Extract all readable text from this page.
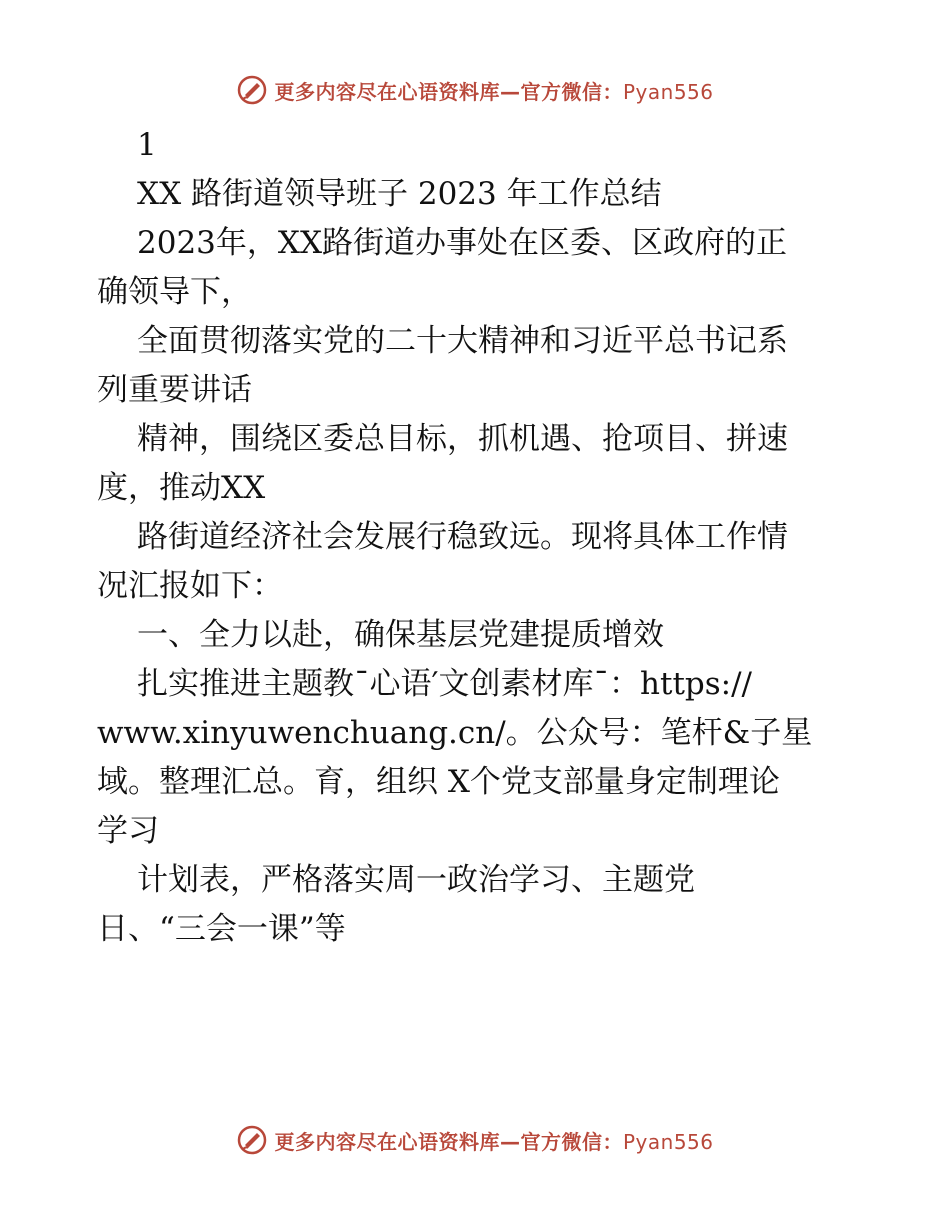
更多内容尽在心语资料库—官方微信：Pyan556
1
XX 路街道领导班子 2023 年工作总结
2023年，XX路街道办事处在区委、区政府的正
确领导下，
全面贯彻落实党的二十大精神和习近平总书记系
列重要讲话
精神，围绕区委总目标，抓机遇、抢项目、拼速
度，推动XX
路街道经济社会发展行稳致远。现将具体工作情
况汇报如下：
一、全力以赴，确保基层党建提质增效
扎实推进主题教¯心语′文创素材库¯：https://
www.xinyuwenchuang.cn/。公众号：笔杆&子星
域。整理汇总。育，组织 X个党支部量身定制理论
学习
计划表，严格落实周一政治学习、主题党
日、“三会一课”等
更多内容尽在心语资料库—官方微信：Pyan556
